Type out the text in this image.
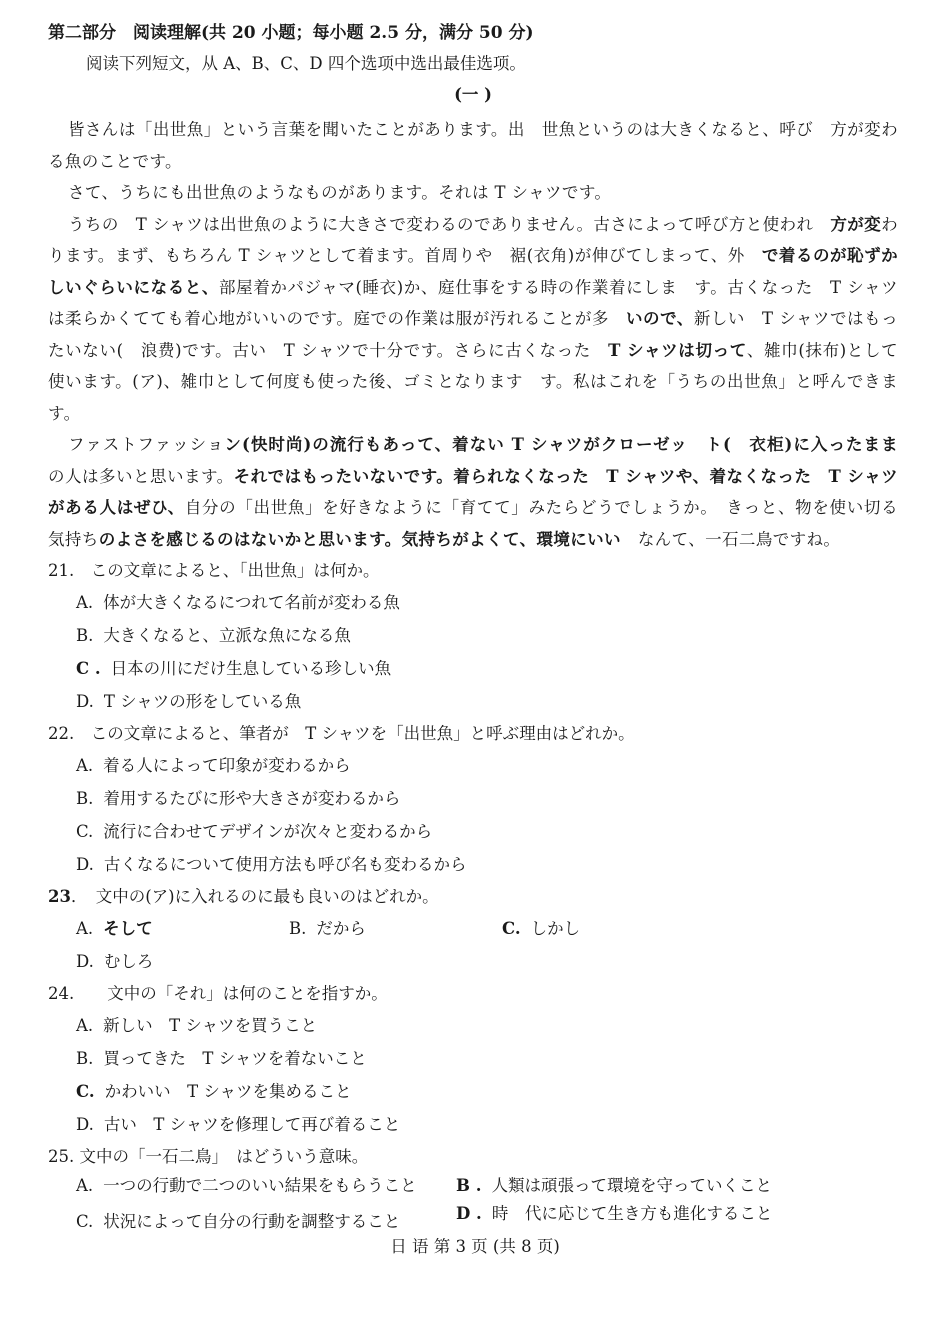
第二部分　阅读理解(共 20 小题；每小题 2.5 分，满分 50 分)

阅读下列短文，从 A、B、C、D 四个选项中选出最佳选项。

(一 )

皆さんは「出世魚」という言葉を聞いたことがあります。出　世魚というのは大きくなると、呼び　方が変わる魚のことです。

さて、うちにも出世魚のようなものがあります。それは T シャツです。

うちの　T シャツは出世魚のように大きさで変わるのでありません。古さによって呼び方と使われ　方が変わります。まず、もちろん T シャツとして着ます。首周りや　裾(衣角)が伸びてしまって、外　で着るのが恥ずかしいぐらいになると、部屋着かパジャマ(睡衣)か、庭仕事をする時の作業着にしま　す。古くなった　T シャツは柔らかくてても着心地がいいのです。庭での作業は服が汚れることが多　いので、新しい　T シャツではもったいない(　浪费)です。古い　T シャツで十分です。さらに古くなった　T シャツは切って、雑巾(抹布)として使います。(ア)、雑巾として何度も使った後、ゴミとなります　す。私はこれを「うちの出世魚」と呼んできます。

ファストファッション(快时尚)の流行もあって、着ない T シャツがクローゼッ　ト(　衣柜)に入ったまま　の人は多いと思います。それではもったいないです。着られなくなった　T シャツや、着なくなった　T シャツがある人はぜひ、自分の「出世魚」を好きなように「育てて」みたらどうでしょうか。　きっと、物を使い切る気持ちのよさを感じるのはないかと思います。気持ちがよくて、環境にいい　なんて、一石二鳥ですね。

21.　この文章によると、「出世魚」は何か。

A. 体が大きくなるにつれて名前が変わる魚
B. 大きくなると、立派な魚になる魚
C . 日本の川にだけ生息している珍しい魚
D. T シャツの形をしている魚

22.　この文章によると、筆者が　T シャツを「出世魚」と呼ぶ理由はどれか。

A. 着る人によって印象が変わるから
B. 着用するたびに形や大きさが変わるから
C. 流行に合わせてデザインが次々と変わるから
D. 古くなるについて使用方法も呼び名も変わるから

23．　文中の(ア)に入れるのに最も良いのはどれか。

A. そして	B. だから	C. しかし
D. むしろ

24.　　文中の「それ」は何のことを指すか。

A. 新しい　T シャツを買うこと
B. 買ってきた　T シャツを着ないこと
C. かわいい　T シャツを集めること
D. 古い　T シャツを修理して再び着ること

25. 文中の「一石二鳥」　はどういう意味。

A. 一つの行動で二つのいい結果をもらうこと	B . 人類は頑張って環境を守っていくこと
C. 状況によって自分の行動を調整すること	D . 時　代に応じて生き方も進化すること
日 语 第 3 页 (共 8 页)
